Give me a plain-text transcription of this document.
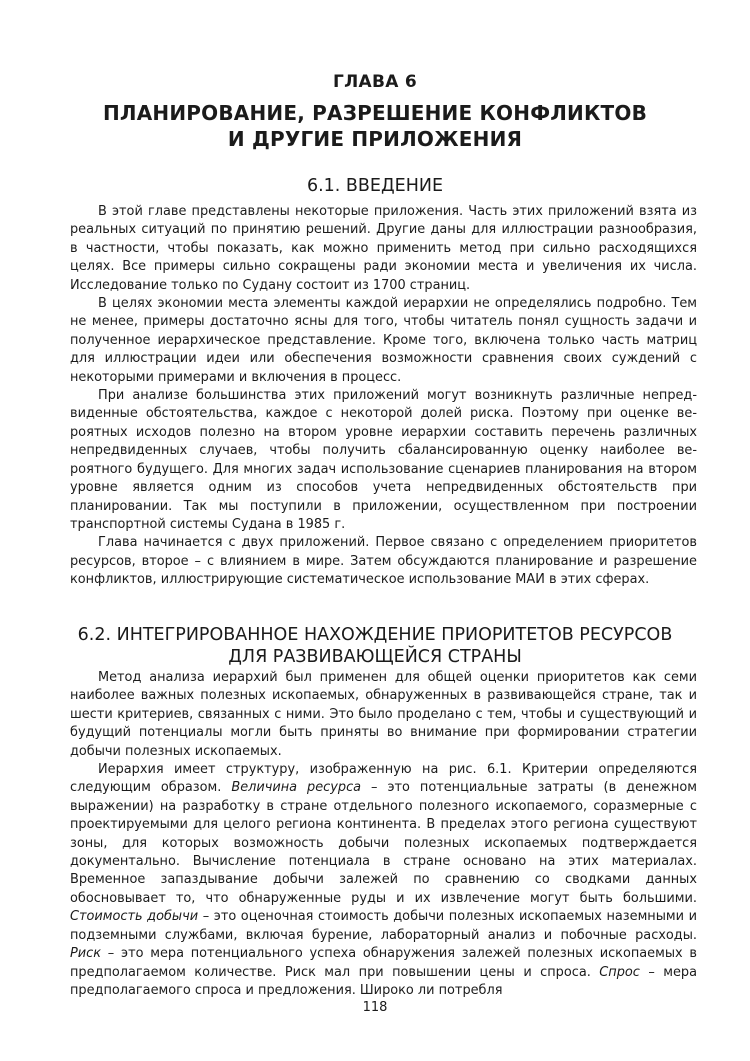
ГЛАВА 6
ПЛАНИРОВАНИЕ, РАЗРЕШЕНИЕ КОНФЛИКТОВ
И ДРУГИЕ ПРИЛОЖЕНИЯ
6.1. ВВЕДЕНИЕ

В этой главе представлены некоторые приложения. Часть этих приложений взята из реальных ситуаций по принятию решений. Другие даны для иллюстрации разнообразия, в частности, чтобы показать, как можно применить метод при сильно расходящихся целях. Все примеры сильно сокращены ради экономии места и увеличения их числа. Исследование только по Судану состоит из 1700 страниц.

В целях экономии места элементы каждой иерархии не определялись подробно. Тем не менее, примеры достаточно ясны для того, чтобы читатель понял сущность задачи и полученное иерархическое представление. Кроме того, включена только часть матриц для иллюстрации идеи или обеспечения возможности сравнения своих суждений с некоторыми примерами и включения в процесс.

При анализе большинства этих приложений могут возникнуть различные непредвиденные обстоятельства, каждое с некоторой долей риска. Поэтому при оценке вероятных исходов полезно на втором уровне иерархии составить перечень различных непредвиденных случаев, чтобы получить сбалансированную оценку наиболее вероятного будущего. Для многих задач использование сценариев планирования на втором уровне является одним из способов учета непредвиденных обстоятельств при планировании. Так мы поступили в приложении, осуществленном при построении транспортной системы Судана в 1985 г.

Глава начинается с двух приложений. Первое связано с определением приоритетов ресурсов, второе – с влиянием в мире. Затем обсуждаются планирование и разрешение конфликтов, иллюстрирующие систематическое использование МАИ в этих сферах.

6.2. ИНТЕГРИРОВАННОЕ НАХОЖДЕНИЕ ПРИОРИТЕТОВ РЕСУРСОВ
ДЛЯ РАЗВИВАЮЩЕЙСЯ СТРАНЫ

Метод анализа иерархий был применен для общей оценки приоритетов как семи наиболее важных полезных ископаемых, обнаруженных в развивающейся стране, так и шести критериев, связанных с ними. Это было проделано с тем, чтобы и существующий и будущий потенциалы могли быть приняты во внимание при формировании стратегии добычи полезных ископаемых.

Иерархия имеет структуру, изображенную на рис. 6.1. Критерии определяются следующим образом. Величина ресурса – это потенциальные затраты (в денежном выражении) на разработку в стране отдельного полезного ископаемого, соразмерные с проектируемыми для целого региона континента. В пределах этого региона существуют зоны, для которых возможность добычи полезных ископаемых подтверждается документально. Вычисление потенциала в стране основано на этих материалах. Временное запаздывание добычи залежей по сравнению со сводками данных обосновывает то, что обнаруженные руды и их извлечение могут быть большими. Стоимость добычи – это оценочная стоимость добычи полезных ископаемых наземными и подземными службами, включая бурение, лабораторный анализ и побочные расходы. Риск – это мера потенциального успеха обнаружения залежей полезных ископаемых в предполагаемом количестве. Риск мал при повышении цены и спроса. Спрос – мера предполагаемого спроса и предложения. Широко ли потребля

118
